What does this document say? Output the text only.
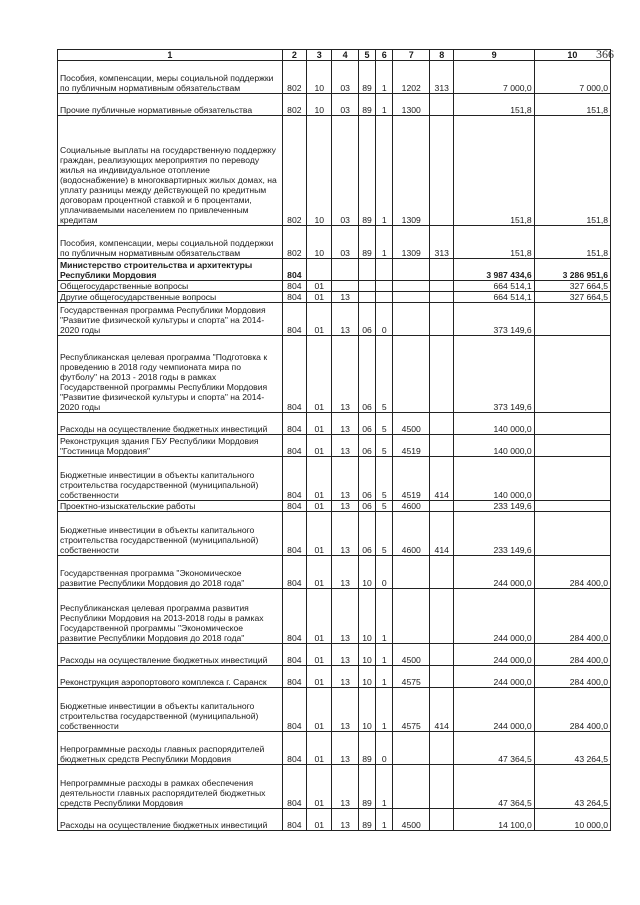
366
1	2	3	4	5	6	7	8	9	10
Пособия, компенсации, меры социальной поддержки по публичным нормативным обязательствам	802	10	03	89	1	1202	313	7 000,0	7 000,0
Прочие публичные нормативные обязательства	802	10	03	89	1	1300		151,8	151,8
Социальные выплаты на государственную поддержку граждан, реализующих мероприятия по переводу жилья на индивидуальное отопление (водоснабжение) в многоквартирных жилых домах, на уплату разницы между действующей по кредитным договорам процентной ставкой и 6 процентами, уплачиваемыми населением по привлеченным кредитам	802	10	03	89	1	1309		151,8	151,8
Пособия, компенсации, меры социальной поддержки по публичным нормативным обязательствам	802	10	03	89	1	1309	313	151,8	151,8
Министерство строительства и архитектуры Республики Мордовия	804							3 987 434,6	3 286 951,6
Общегосударственные вопросы	804	01						664 514,1	327 664,5
Другие общегосударственные вопросы	804	01	13					664 514,1	327 664,5
Государственная программа Республики Мордовия "Развитие физической культуры и спорта" на 2014-2020 годы	804	01	13	06	0			373 149,6	
Республиканская целевая программа "Подготовка к проведению в 2018 году чемпионата мира по футболу" на 2013 - 2018 годы в рамках Государственной программы Республики Мордовия "Развитие физической культуры и спорта" на 2014-2020 годы	804	01	13	06	5			373 149,6	
Расходы на осуществление бюджетных инвестиций	804	01	13	06	5	4500		140 000,0	
Реконструкция здания ГБУ Республики Мордовия "Гостиница Мордовия"	804	01	13	06	5	4519		140 000,0	
Бюджетные инвестиции в объекты капитального строительства государственной (муниципальной) собственности	804	01	13	06	5	4519	414	140 000,0	
Проектно-изыскательские работы	804	01	13	06	5	4600		233 149,6	
Бюджетные инвестиции в объекты капитального строительства государственной (муниципальной) собственности	804	01	13	06	5	4600	414	233 149,6	
Государственная программа "Экономическое развитие Республики Мордовия до 2018 года"	804	01	13	10	0			244 000,0	284 400,0
Республиканская целевая программа развития Республики Мордовия на 2013-2018 годы в рамках Государственной программы "Экономическое развитие Республики Мордовия до 2018 года"	804	01	13	10	1			244 000,0	284 400,0
Расходы на осуществление бюджетных инвестиций	804	01	13	10	1	4500		244 000,0	284 400,0
Реконструкция аэропортового комплекса г. Саранск	804	01	13	10	1	4575		244 000,0	284 400,0
Бюджетные инвестиции в объекты капитального строительства государственной (муниципальной) собственности	804	01	13	10	1	4575	414	244 000,0	284 400,0
Непрограммные расходы главных распорядителей бюджетных средств Республики Мордовия	804	01	13	89	0			47 364,5	43 264,5
Непрограммные расходы в рамках обеспечения деятельности главных распорядителей бюджетных средств Республики Мордовия	804	01	13	89	1			47 364,5	43 264,5
Расходы на осуществление бюджетных инвестиций	804	01	13	89	1	4500		14 100,0	10 000,0
